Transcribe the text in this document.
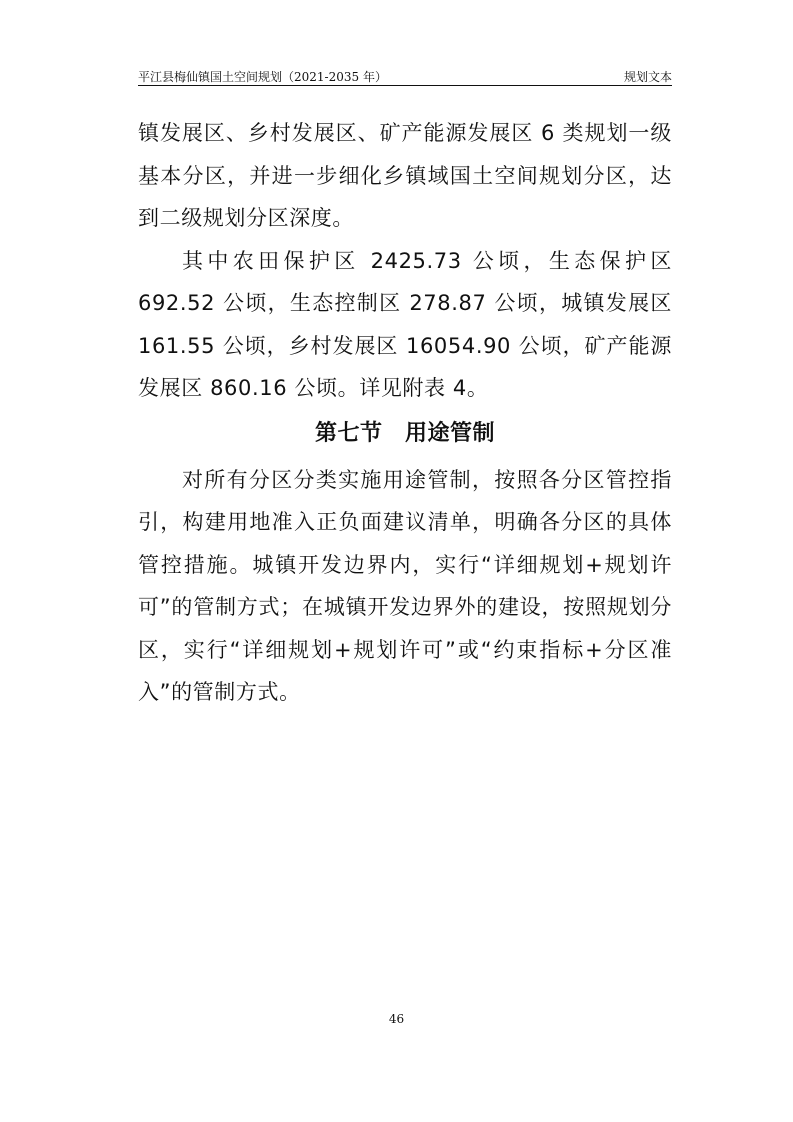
平江县梅仙镇国土空间规划（2021-2035 年）	规划文本

镇发展区、乡村发展区、矿产能源发展区 6 类规划一级基本分区，并进一步细化乡镇域国土空间规划分区，达到二级规划分区深度。

其中农田保护区 2425.73 公顷，生态保护区 692.52 公顷，生态控制区 278.87 公顷，城镇发展区 161.55 公顷，乡村发展区 16054.90 公顷，矿产能源发展区 860.16 公顷。详见附表 4。

第七节　用途管制

对所有分区分类实施用途管制，按照各分区管控指引，构建用地准入正负面建议清单，明确各分区的具体管控措施。城镇开发边界内，实行“详细规划+规划许可”的管制方式；在城镇开发边界外的建设，按照规划分区，实行“详细规划+规划许可”或“约束指标+分区准入”的管制方式。

46
